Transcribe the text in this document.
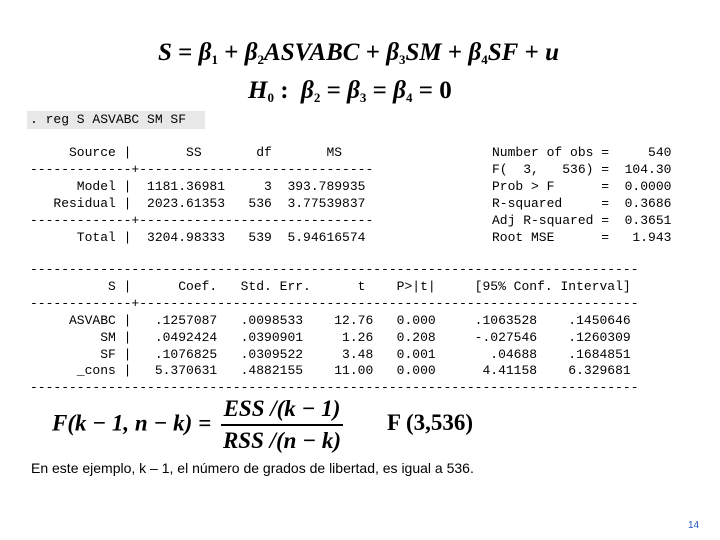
$S = \beta_1$ + $\beta_2ASVABC + \beta_3SM + \beta_4SF + u$
$H_0$ : $\beta_2 = \beta_3 = \beta_4 = 0$
. reg S ASVABC SM SF
Source |       SS       df       MS
-------------+------------------------------
Model |  1181.36981     3  393.789935
Residual |  2023.61353   536  3.77539837
-------------+------------------------------
Total |  3204.98333   539  5.94616574
Number of obs =     540
F(  3,   536) =  104.30
Prob > F      =  0.0000
R-squared     =  0.3686
Adj R-squared =  0.3651
Root MSE      =   1.943
------------------------------------------------------------------------------
S |      Coef.   Std. Err.      t    P>|t|     [95% Conf. Interval]
-------------+----------------------------------------------------------------
ASVABC |   .1257087   .0098533    12.76   0.000     .1063528    .1450646
SM |   .0492424   .0390901     1.26   0.208     -.027546    .1260309
SF |   .1076825   .0309522     3.48   0.001       .04688    .1684851
_cons |   5.370631   .4882155    11.00   0.000      4.41158    6.329681
------------------------------------------------------------------------------
F(k − 1, $n - k) = \frac{\text{ESS /(k − 1)}}{\text{RSS /(n − k)}}$ F (3,536)
En este ejemplo, k – 1, el número de grados de libertad, es igual a 536.
14
